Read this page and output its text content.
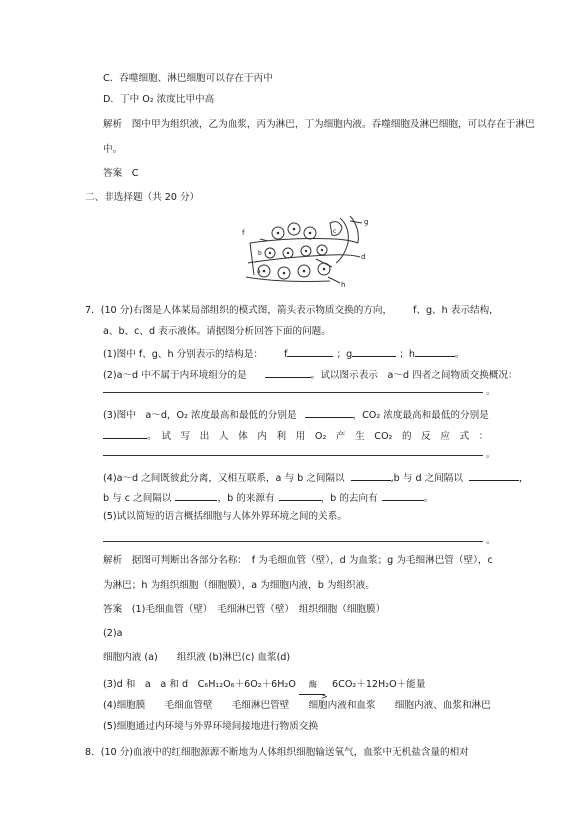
C．吞噬细胞、淋巴细胞可以存在于丙中
D．丁中 O₂ 浓度比甲中高
解析　图中甲为组织液，乙为血浆，丙为淋巴，丁为细胞内液。吞噬细胞及淋巴细胞，可以存在于淋巴
中。
答案　C
二、非选择题（共 20 分）
f
g
d
h
a
b
c
7．(10 分)右图是人体某局部组织的模式图，箭头表示物质交换的方向， f、g、h 表示结构，
a、b、c、d 表示液体。请据图分析回答下面的问题。
(1)图中 f、g、h 分别表示的结构是： f	；g	；h	。
(2)a～d 中不属于内环境组分的是	。试以图示表示　a～d 四者之间物质交换概况：
。
(3)图中　a～d，O₂ 浓度最高和最低的分别是	，CO₂ 浓度最高和最低的分别是
。　试　写　出　人　体　内　利　用　O₂　产　生　CO₂　的　反　应　式　：
。
(4)a～d 之间既彼此分离，又相互联系，a 与 b 之间隔以	,b 与 d 之间隔以	，
b 与 c 之间隔以	，b 的来源有	，b 的去向有	。
(5)试以简短的语言概括细胞与人体外界环境之间的关系。
。
解析　据图可判断出各部分名称：　f 为毛细血管（壁），d 为血浆；g 为毛细淋巴管（壁），c
为淋巴；h 为组织细胞（细胞膜），a 为细胞内液，b 为组织液。
答案　(1)毛细血管（壁）　毛细淋巴管（壁）　组织细胞（细胞膜）
(2)a
细胞内液 (a)　　组织液 (b)淋巴(c) 血浆(d)
(3)d 和　a　a 和 d　C₆H₁₂O₆＋6O₂＋6H₂O 酶
>
6CO₂＋12H₂O＋能量
(4)细胞膜　　毛细血管壁　　毛细淋巴管壁　　细胞内液和血浆　　细胞内液、血浆和淋巴
(5)细胞通过内环境与外界环境间接地进行物质交换
8．(10 分)血液中的红细胞源源不断地为人体组织细胞输送氧气，血浆中无机盐含量的相对
